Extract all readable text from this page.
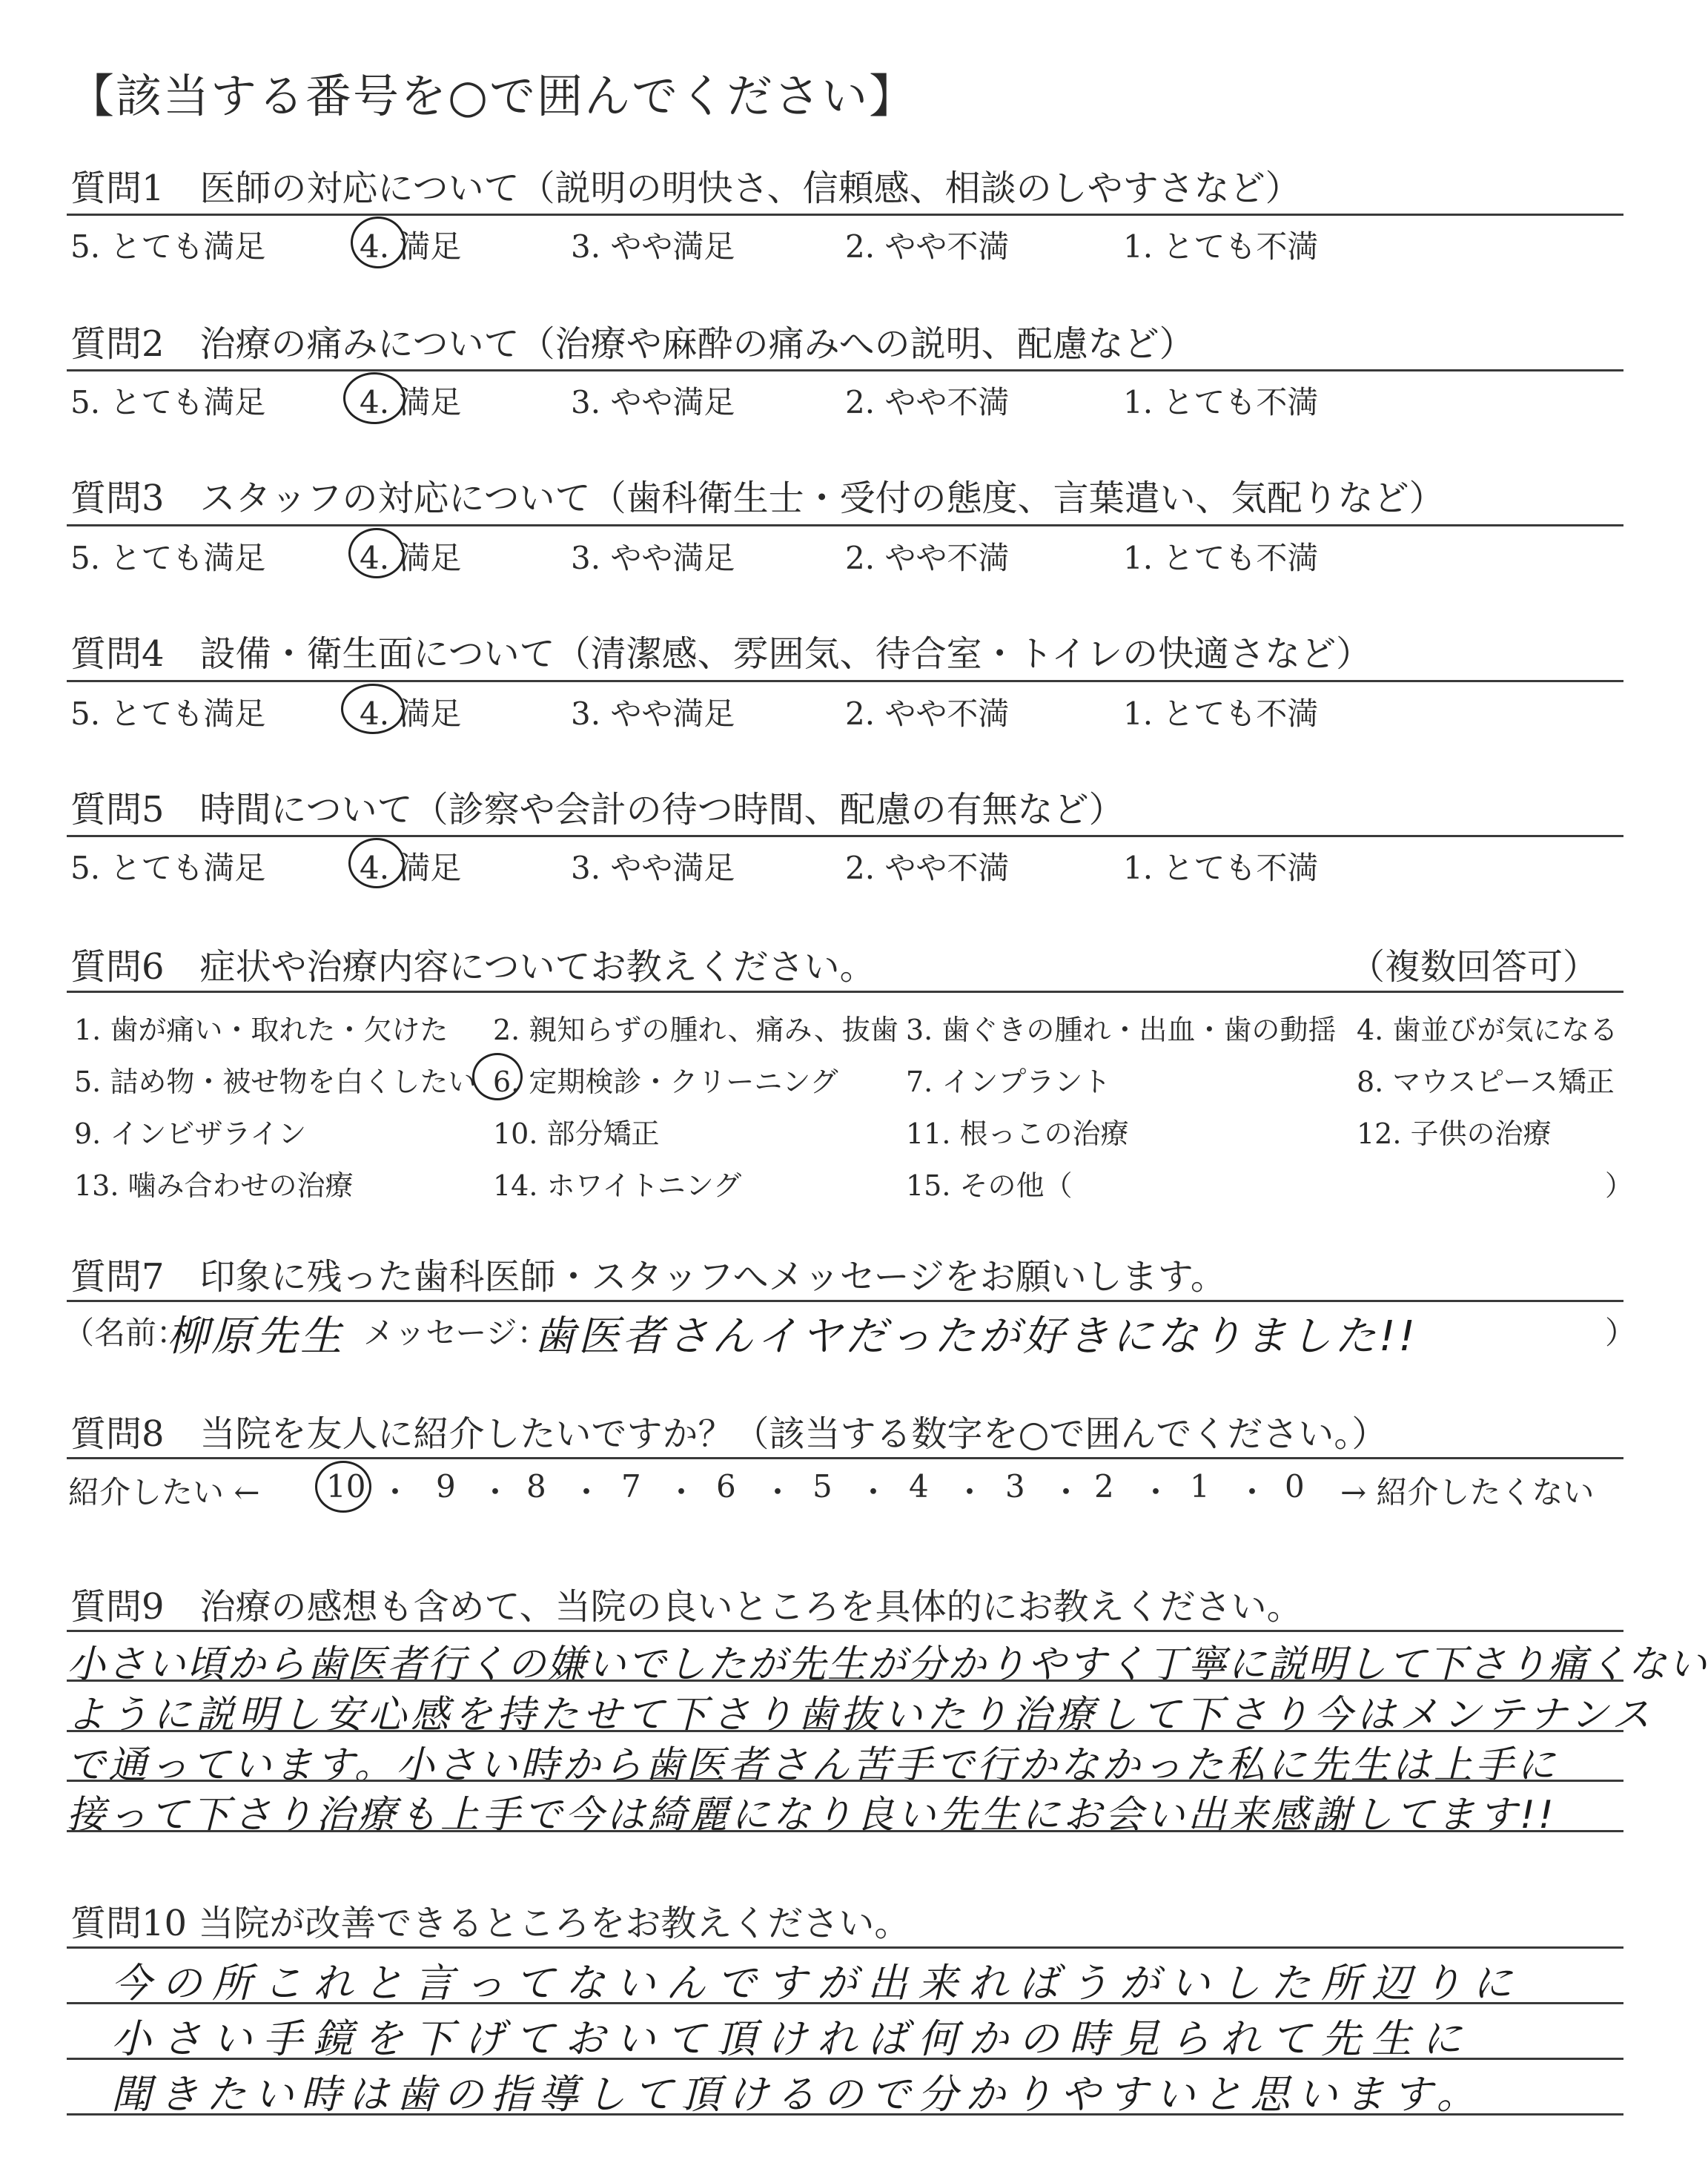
【該当する番号を○で囲んでください】
質問1　医師の対応について（説明の明快さ、信頼感、相談のしやすさなど）
5. とても満足	4. 満足	3. やや満足	2. やや不満	1. とても不満
質問2　治療の痛みについて（治療や麻酔の痛みへの説明、配慮など）
5. とても満足	4. 満足	3. やや満足	2. やや不満	1. とても不満
質問3　スタッフの対応について（歯科衛生士・受付の態度、言葉遣い、気配りなど）
5. とても満足	4. 満足	3. やや満足	2. やや不満	1. とても不満
質問4　設備・衛生面について（清潔感、雰囲気、待合室・トイレの快適さなど）
5. とても満足	4. 満足	3. やや満足	2. やや不満	1. とても不満
質問5　時間について（診察や会計の待つ時間、配慮の有無など）
5. とても満足	4. 満足	3. やや満足	2. やや不満	1. とても不満
質問6　症状や治療内容についてお教えください。	（複数回答可）
1. 歯が痛い・取れた・欠けた 2. 親知らずの腫れ、痛み、抜歯 3. 歯ぐきの腫れ・出血・歯の動揺 4. 歯並びが気になる
5. 詰め物・被せ物を白くしたい 6. 定期検診・クリーニング 7. インプラント	8. マウスピース矯正
9. インビザライン	10. 部分矯正	11. 根っこの治療	12. 子供の治療
13. 噛み合わせの治療	14. ホワイトニング	15. その他（	）
質問7　印象に残った歯科医師・スタッフへメッセージをお願いします。
（名前：
柳原先生 メッセージ：
歯医者さんイヤだったが好きになりました!!	）
質問8　当院を友人に紹介したいですか？（該当する数字を○で囲んでください。）
紹介したい ← 10 ・ 9 ・ 8 ・ 7 ・ 6 ・ 5 ・ 4 ・ 3 ・ 2 ・ 1 ・ 0 → 紹介したくない
質問9　治療の感想も含めて、当院の良いところを具体的にお教えください。
小さい頃から歯医者行くの嫌いでしたが先生が分かりやすく丁寧に説明して下さり痛くない
ように説明し安心感を持たせて下さり歯抜いたり治療して下さり今はメンテナンス
で通っています。小さい時から歯医者さん苦手で行かなかった私に先生は上手に
接って下さり治療も上手で今は綺麗になり良い先生にお会い出来感謝してます!!
質問10 当院が改善できるところをお教えください。
今の所これと言ってないんですが出来ればうがいした所辺りに
小さい手鏡を下げておいて頂ければ何かの時見られて先生に
聞きたい時は歯の指導して頂けるので分かりやすいと思います。
